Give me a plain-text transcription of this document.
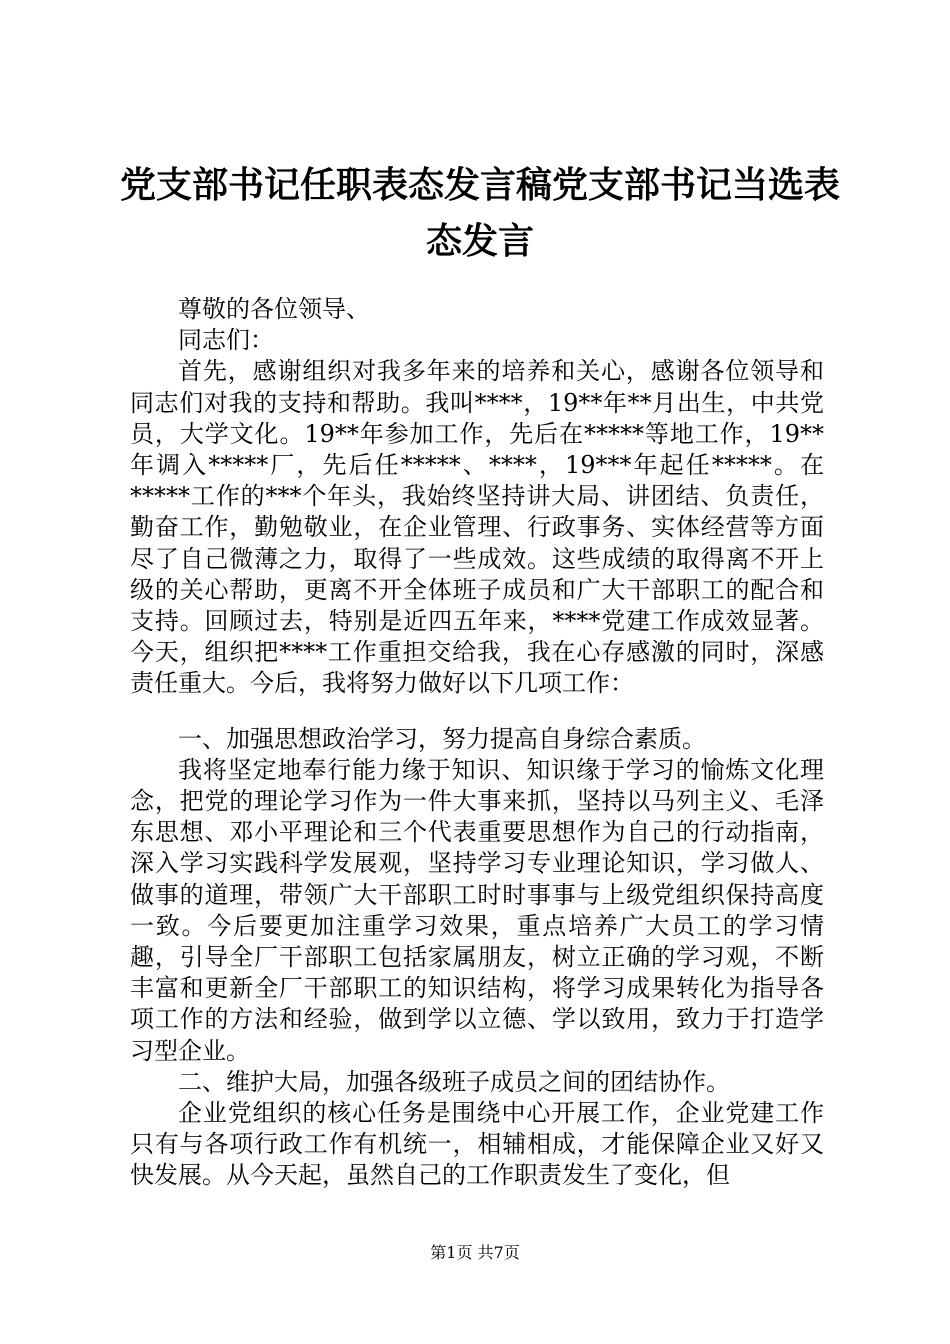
党支部书记任职表态发言稿党支部书记当选表态发言

尊敬的各位领导、

同志们：

首先，感谢组织对我多年来的培养和关心，感谢各位领导和同志们对我的支持和帮助。我叫****，19**年**月出生，中共党员，大学文化。19**年参加工作，先后在*****等地工作，19**年调入*****厂，先后任*****、****，19***年起任*****。在*****工作的***个年头，我始终坚持讲大局、讲团结、负责任，勤奋工作，勤勉敬业，在企业管理、行政事务、实体经营等方面尽了自己微薄之力，取得了一些成效。这些成绩的取得离不开上级的关心帮助，更离不开全体班子成员和广大干部职工的配合和支持。回顾过去，特别是近四五年来，****党建工作成效显著。今天，组织把****工作重担交给我，我在心存感激的同时，深感责任重大。今后，我将努力做好以下几项工作：

一、加强思想政治学习，努力提高自身综合素质。

我将坚定地奉行能力缘于知识、知识缘于学习的愉炼文化理念，把党的理论学习作为一件大事来抓，坚持以马列主义、毛泽东思想、邓小平理论和三个代表重要思想作为自己的行动指南，深入学习实践科学发展观，坚持学习专业理论知识，学习做人、做事的道理，带领广大干部职工时时事事与上级党组织保持高度一致。今后要更加注重学习效果，重点培养广大员工的学习情趣，引导全厂干部职工包括家属朋友，树立正确的学习观，不断丰富和更新全厂干部职工的知识结构，将学习成果转化为指导各项工作的方法和经验，做到学以立德、学以致用，致力于打造学习型企业。

二、维护大局，加强各级班子成员之间的团结协作。

企业党组织的核心任务是围绕中心开展工作，企业党建工作只有与各项行政工作有机统一，相辅相成，才能保障企业又好又快发展。从今天起，虽然自己的工作职责发生了变化，但

第1页 共7页
